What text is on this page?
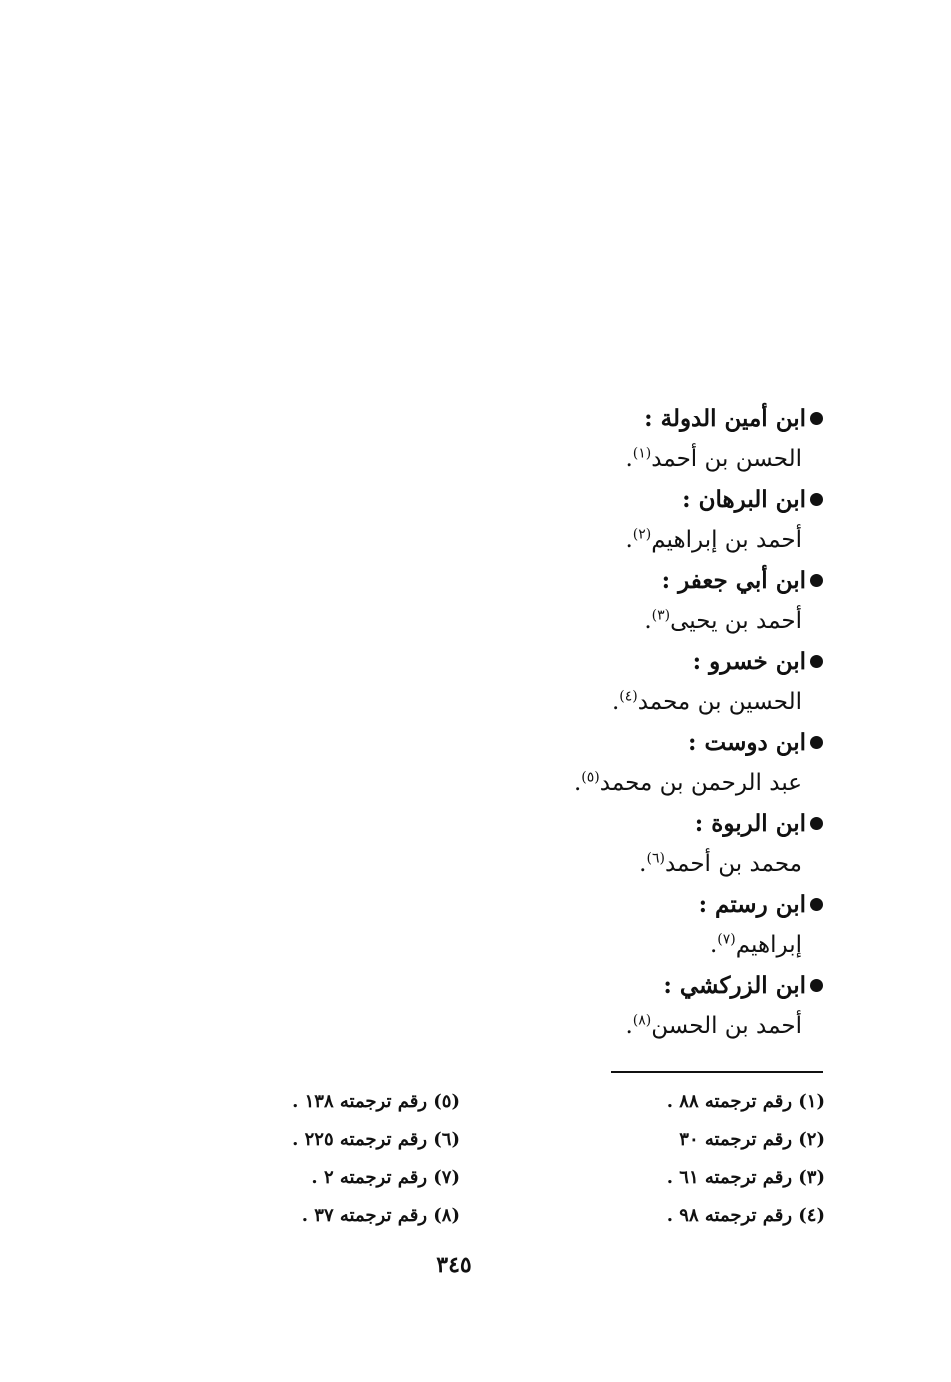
ابن أمين الدولة :
الحسن بن أحمد$^{(١)}$.
ابن البرهان :
أحمد بن إبراهيم$^{(٢)}$.
ابن أبي جعفر :
أحمد بن يحيى$^{(٣)}$.
ابن خسرو :
الحسين بن محمد$^{(٤)}$.
ابن دوست :
عبد الرحمن بن محمد$^{(٥)}$.
ابن الربوة :
محمد بن أحمد$^{(٦)}$.
ابن رستم :
إبراهيم$^{(٧)}$.
ابن الزركشي :
أحمد بن الحسن$^{(٨)}$.
(١) رقم ترجمته ٨٨ .
(٢) رقم ترجمته ٣٠
(٣) رقم ترجمته ٦١ .
(٤) رقم ترجمته ٩٨ .
(٥) رقم ترجمته ١٣٨ .
(٦) رقم ترجمته ٢٢٥ .
(٧) رقم ترجمته ٢ .
(٨) رقم ترجمته ٣٧ .
٣٤٥
